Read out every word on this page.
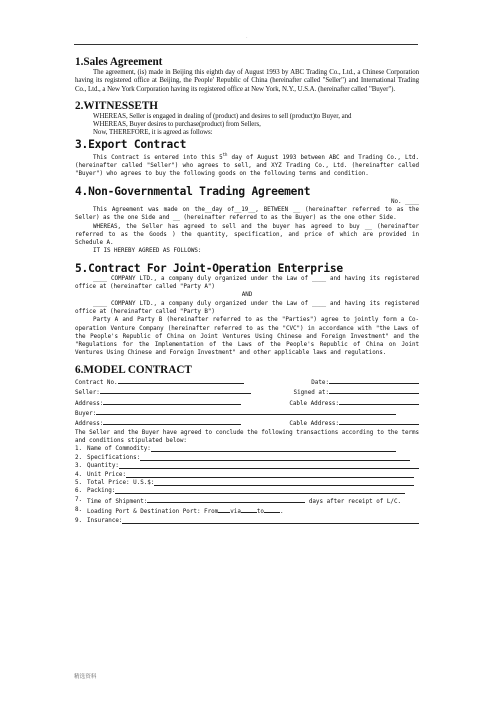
·
1.Sales Agreement

The agreement, (is) made in Beijing this eighth day of August 1993 by ABC Trading Co., Ltd., a Chinese Corporation having its registered office at Beijing, the People' Republic of China (hereinafter called "Seller") and International Trading Co., Ltd., a New York Corporation having its registered office at New York, N.Y., U.S.A. (hereinafter called "Buyer").

2.WITNESSETH

WHEREAS, Seller is engaged in dealing of (product) and desires to sell (product)to Buyer, and

WHEREAS, Buyer desires to purchase(product) from Sellers,

Now, THEREFORE, it is agreed as follows:

3.Export Contract

This Contract is entered into this 5th day of August 1993 between ABC and Trading Co., Ltd. (hereinafter called "Seller") who agrees to sell, and XYZ Trading Co., Ltd. (hereinafter called "Buyer") who agrees to buy the following goods on the following terms and condition.

4.Non-Governmental Trading Agreement

No. ____

This Agreement was made on the__day of__19__, BETWEEN __ (hereinafter referred to as the Seller) as the one Side and __ (hereinafter referred to as the Buyer) as the one other Side.

WHEREAS, the Seller has agreed to sell and the buyer has agreed to buy __ (hereinafter referred to as the Goods ) the quantity, specification, and price of which are provided in Schedule A.

IT IS HEREBY AGREED AS FOLLOWS:

5.Contract For Joint-Operation Enterprise

____ COMPANY LTD., a company duly organized under the Law of ____ and having its registered office at (hereinafter called "Party A")

AND

____ COMPANY LTD., a company duly organized under the Law of ____ and having its registered office at (hereinafter called "Party B")

Party A and Party B (hereinafter referred to as the "Parties") agree to jointly form a Co-operation Venture Company (hereinafter referred to as the "CVC") in accordance with "the Laws of the People's Republic of China on Joint Ventures Using Chinese and Foreign Investment" and the "Regulations for the Implementation of the Laws of the People's Republic of China on Joint Ventures Using Chinese and Foreign Investment" and other applicable laws and regulations.

6.MODEL CONTRACT
Contract No.	Date:
Seller:	Signed at:
Address:	Cable Address:
Buyer:
Address:	Cable Address:

The Seller and the Buyer have agreed to conclude the following transactions according to the terms and conditions stipulated below:

1. Name of Commodity:
2. Specifications:
3. Quantity:
4. Unit Price:
5. Total Price: U.S.$:
6. Packing:
7. Time of Shipment:	days after receipt of L/C.
8. Loading Port & Destination Port: From via	to	.
9. Insurance:
精选资料
